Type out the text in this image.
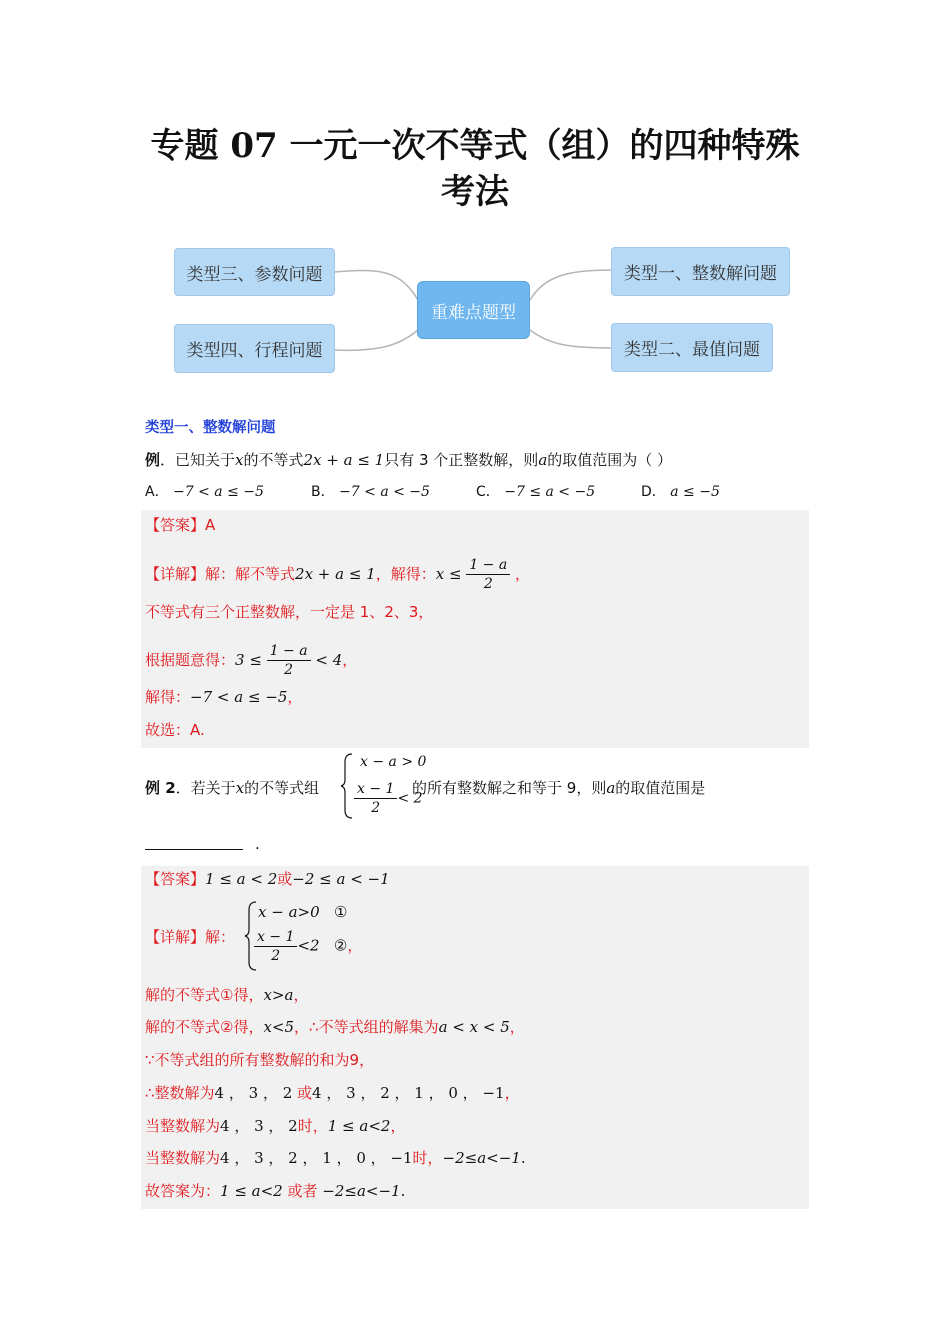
专题 07 一元一次不等式（组）的四种特殊
考法
类型三、参数问题
类型四、行程问题
重难点题型
类型一、整数解问题
类型二、最值问题
类型一、整数解问题
例．已知关于x的不等式2x + a ≤ 1只有 3 个正整数解，则a的取值范围为（ ）
A． −7 < a ≤ −5	B． −7 < a < −5	C． −7 ≤ a < −5	D． a ≤ −5
【答案】A
【详解】解：解不等式2x + a ≤ 1，解得：$x \le \frac{1 - a}{2}$ ，
不等式有三个正整数解，一定是 1、2、3，
根据题意得：$3 \le \frac{1 - a}{2} < 4$，
解得：−7 < a ≤ −5，
故选：A.
例 2．若关于x的不等式组
x − a > 0
$\frac{x - 1}{2} < 2$
的所有整数解之和等于 9，则a的取值范围是
.
【答案】1 ≤ a < 2或−2 ≤ a < −1
【详解】解：
x − a>0 ①
$\frac{x - 1}{2} <2$ ②，
解的不等式①得，x>a，
解的不等式②得，x<5，∴不等式组的解集为a < x < 5，
∵不等式组的所有整数解的和为9，
∴整数解为4 ， 3 ， 2 或4 ， 3 ， 2 ， 1 ， 0 ， −1，
当整数解为4 ， 3 ， 2时，1 ≤ a<2，
当整数解为4 ， 3 ， 2 ， 1 ， 0 ， −1时，−2≤a<−1.
故答案为：1 ≤ a<2 或者 −2≤a<−1.
